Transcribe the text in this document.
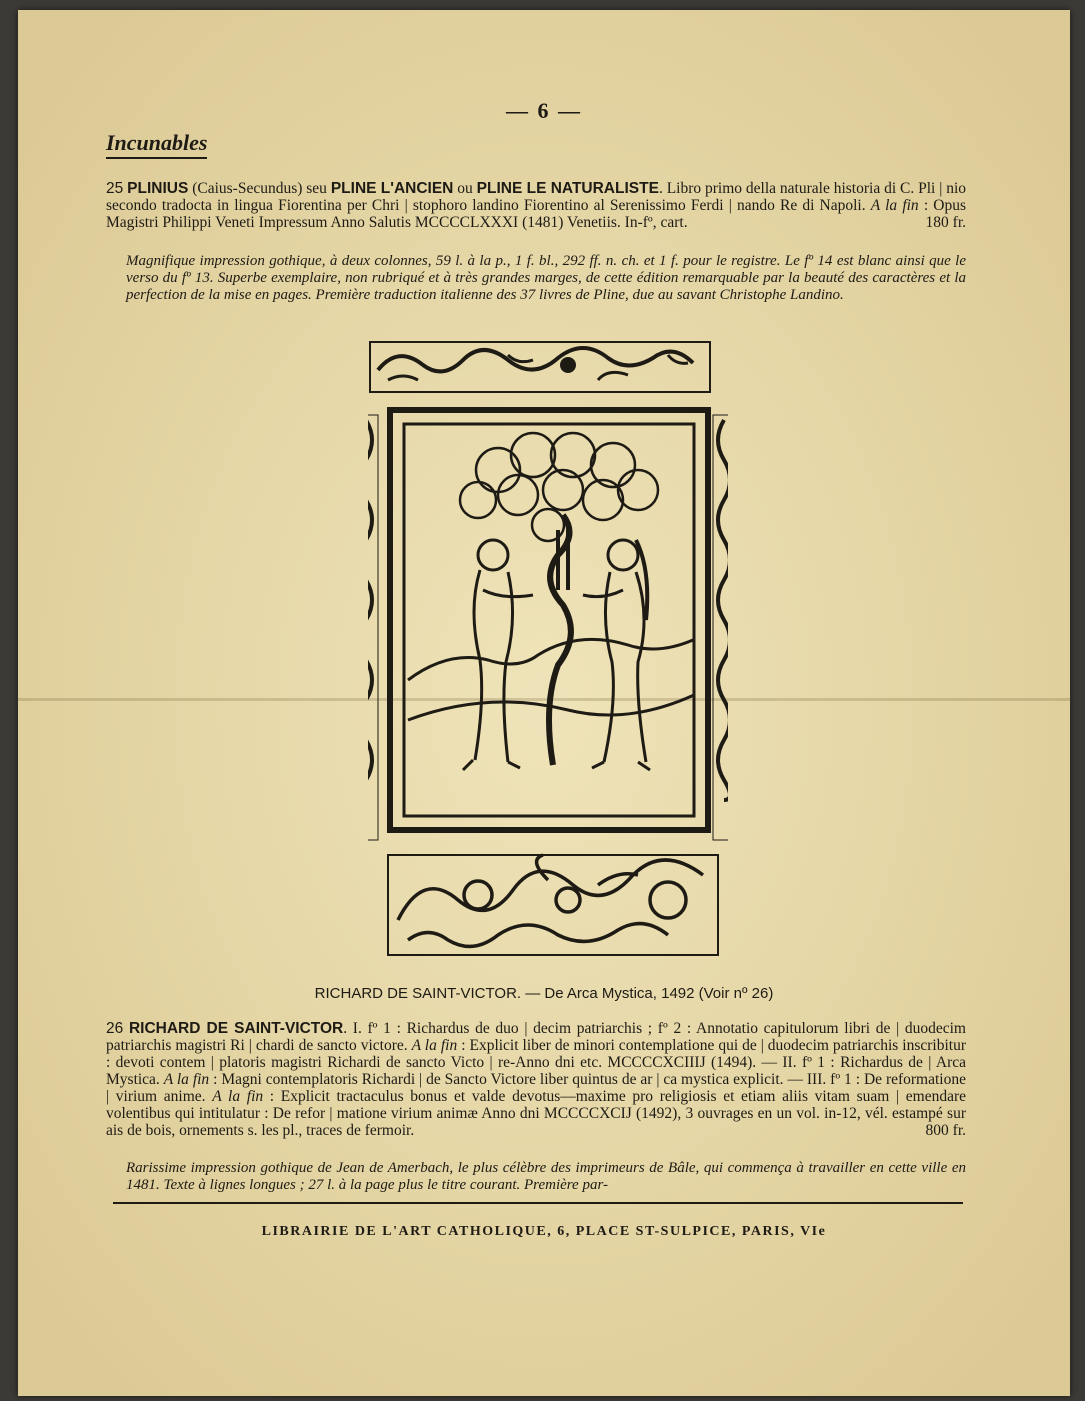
— 6 —
Incunables
25 PLINIUS (Caius-Secundus) seu PLINE L'ANCIEN ou PLINE LE NATURALISTE. Libro primo della naturale historia di C. Pli | nio secondo tradocta in lingua Fiorentina per Chri | stophoro landino Fiorentino al Serenissimo Ferdi | nando Re di Napoli. A la fin : Opus Magistri Philippi Veneti Impressum Anno Salutis MCCCCLXXXI (1481) Venetiis. In-fº, cart.	180 fr.
Magnifique impression gothique, à deux colonnes, 59 l. à la p., 1 f. bl., 292 ff. n. ch. et 1 f. pour le registre. Le fº 14 est blanc ainsi que le verso du fº 13. Superbe exemplaire, non rubriqué et à très grandes marges, de cette édition remarquable par la beauté des caractères et la perfection de la mise en pages. Première traduction italienne des 37 livres de Pline, due au savant Christophe Landino.
RICHARD DE SAINT-VICTOR. — De Arca Mystica, 1492 (Voir nº 26)
26 RICHARD DE SAINT-VICTOR. I. fº 1 : Richardus de duo | decim patriarchis ; fº 2 : Annotatio capitulorum libri de | duodecim patriarchis magistri Ri | chardi de sancto victore. A la fin : Explicit liber de minori contemplatione qui de | duodecim patriarchis inscribitur : devoti contem | platoris magistri Richardi de sancto Victo | re-Anno dni etc. MCCCCXCIIIJ (1494). — II. fº 1 : Richardus de | Arca Mystica. A la fin : Magni contemplatoris Richardi | de Sancto Victore liber quintus de ar | ca mystica explicit. — III. fº 1 : De reformatione | virium anime. A la fin : Explicit tractaculus bonus et valde devotus—maxime pro religiosis et etiam aliis vitam suam | emendare volentibus qui intitulatur : De refor | matione virium animæ Anno dni MCCCCXCIJ (1492), 3 ouvrages en un vol. in-12, vél. estampé sur ais de bois, ornements s. les pl., traces de fermoir.	800 fr.
Rarissime impression gothique de Jean de Amerbach, le plus célèbre des imprimeurs de Bâle, qui commença à travailler en cette ville en 1481. Texte à lignes longues ; 27 l. à la page plus le titre courant. Première par-
LIBRAIRIE DE L'ART CATHOLIQUE, 6, PLACE ST-SULPICE, PARIS, VIe
